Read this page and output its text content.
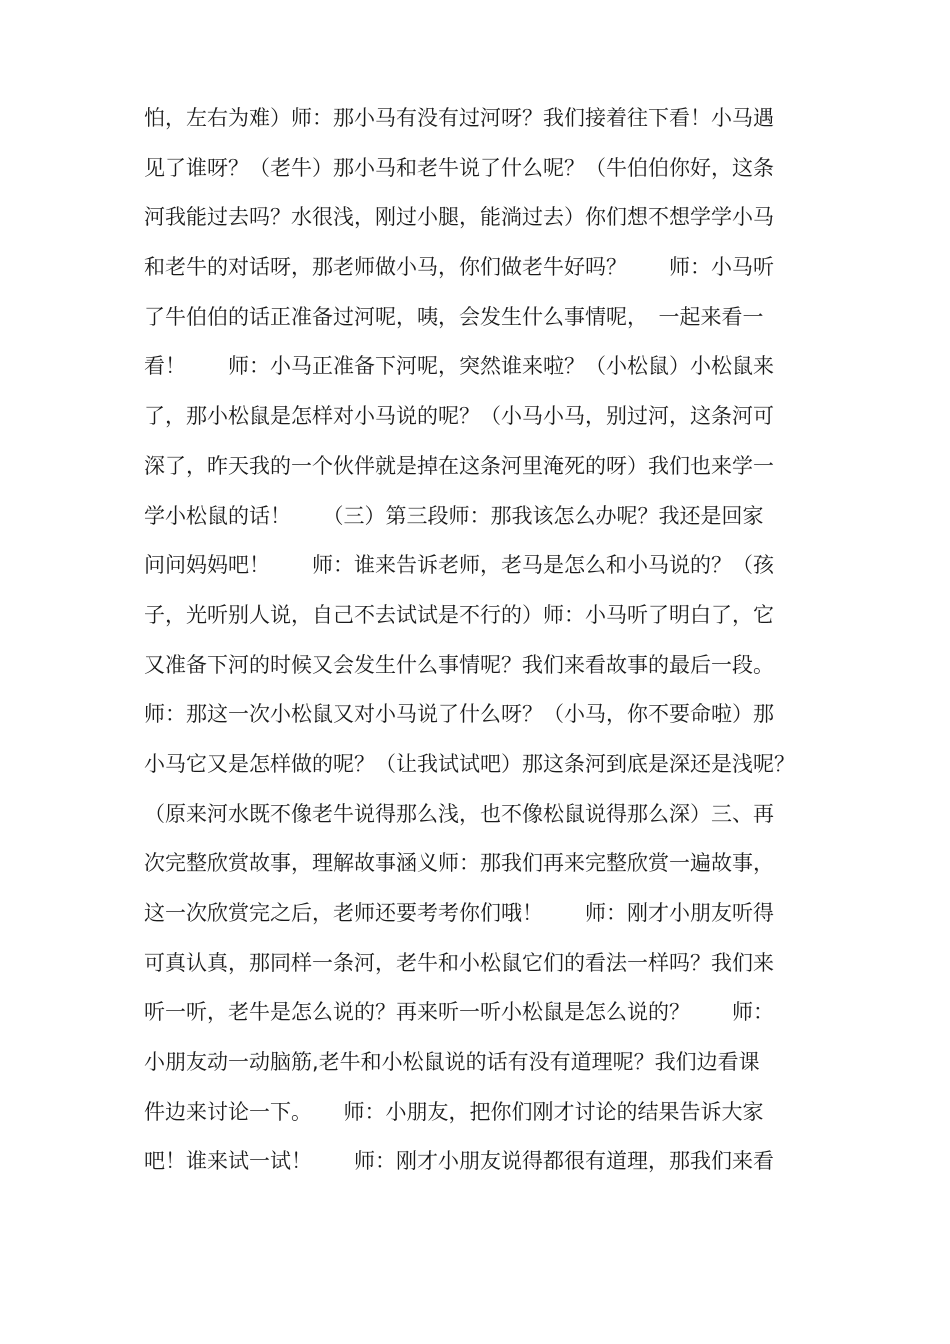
怕，左右为难）师：那小马有没有过河呀？我们接着往下看！小马遇
见了谁呀？（老牛）那小马和老牛说了什么呢？（牛伯伯你好，这条
河我能过去吗？水很浅，刚过小腿，能淌过去）你们想不想学学小马
和老牛的对话呀，那老师做小马，你们做老牛好吗？　　师：小马听
了牛伯伯的话正准备过河呢，咦，会发生什么事情呢，　一起来看一
看！　　师：小马正准备下河呢，突然谁来啦？（小松鼠）小松鼠来
了，那小松鼠是怎样对小马说的呢？（小马小马，别过河，这条河可
深了，昨天我的一个伙伴就是掉在这条河里淹死的呀）我们也来学一
学小松鼠的话！　　（三）第三段师：那我该怎么办呢？我还是回家
问问妈妈吧！　　师：谁来告诉老师，老马是怎么和小马说的？（孩
子，光听别人说，自己不去试试是不行的）师：小马听了明白了，它
又准备下河的时候又会发生什么事情呢？我们来看故事的最后一段。
师：那这一次小松鼠又对小马说了什么呀？（小马，你不要命啦）那
小马它又是怎样做的呢？（让我试试吧）那这条河到底是深还是浅呢？
（原来河水既不像老牛说得那么浅，也不像松鼠说得那么深）三、再
次完整欣赏故事，理解故事涵义师：那我们再来完整欣赏一遍故事，
这一次欣赏完之后，老师还要考考你们哦！　　师：刚才小朋友听得
可真认真，那同样一条河，老牛和小松鼠它们的看法一样吗？我们来
听一听，老牛是怎么说的？再来听一听小松鼠是怎么说的？　　师：
小朋友动一动脑筋,老牛和小松鼠说的话有没有道理呢？我们边看课
件边来讨论一下。　　师：小朋友，把你们刚才讨论的结果告诉大家
吧！谁来试一试！　　师：刚才小朋友说得都很有道理，那我们来看
